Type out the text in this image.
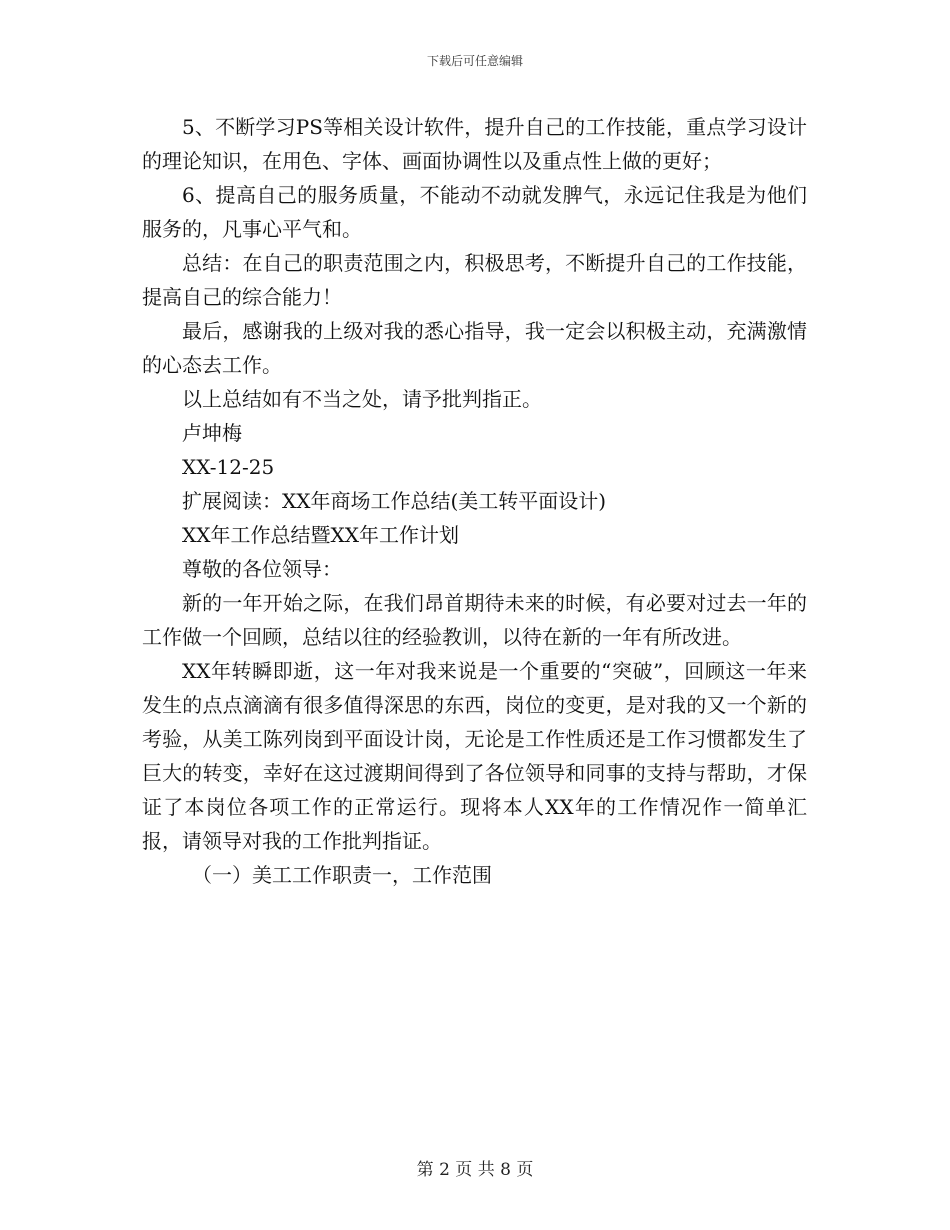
下载后可任意编辑

5、不断学习PS等相关设计软件，提升自己的工作技能，重点学习设计的理论知识，在用色、字体、画面协调性以及重点性上做的更好；

6、提高自己的服务质量，不能动不动就发脾气，永远记住我是为他们服务的，凡事心平气和。

总结：在自己的职责范围之内，积极思考，不断提升自己的工作技能，提高自己的综合能力！

最后，感谢我的上级对我的悉心指导，我一定会以积极主动，充满激情的心态去工作。

以上总结如有不当之处，请予批判指正。

卢坤梅

XX-12-25

扩展阅读：XX年商场工作总结(美工转平面设计)

XX年工作总结暨XX年工作计划

尊敬的各位领导：

新的一年开始之际，在我们昂首期待未来的时候，有必要对过去一年的工作做一个回顾，总结以往的经验教训，以待在新的一年有所改进。

XX年转瞬即逝，这一年对我来说是一个重要的“突破”，回顾这一年来发生的点点滴滴有很多值得深思的东西，岗位的变更，是对我的又一个新的考验，从美工陈列岗到平面设计岗，无论是工作性质还是工作习惯都发生了巨大的转变，幸好在这过渡期间得到了各位领导和同事的支持与帮助，才保证了本岗位各项工作的正常运行。现将本人XX年的工作情况作一简单汇报，请领导对我的工作批判指证。

（一）美工工作职责一，工作范围

第 2 页 共 8 页
